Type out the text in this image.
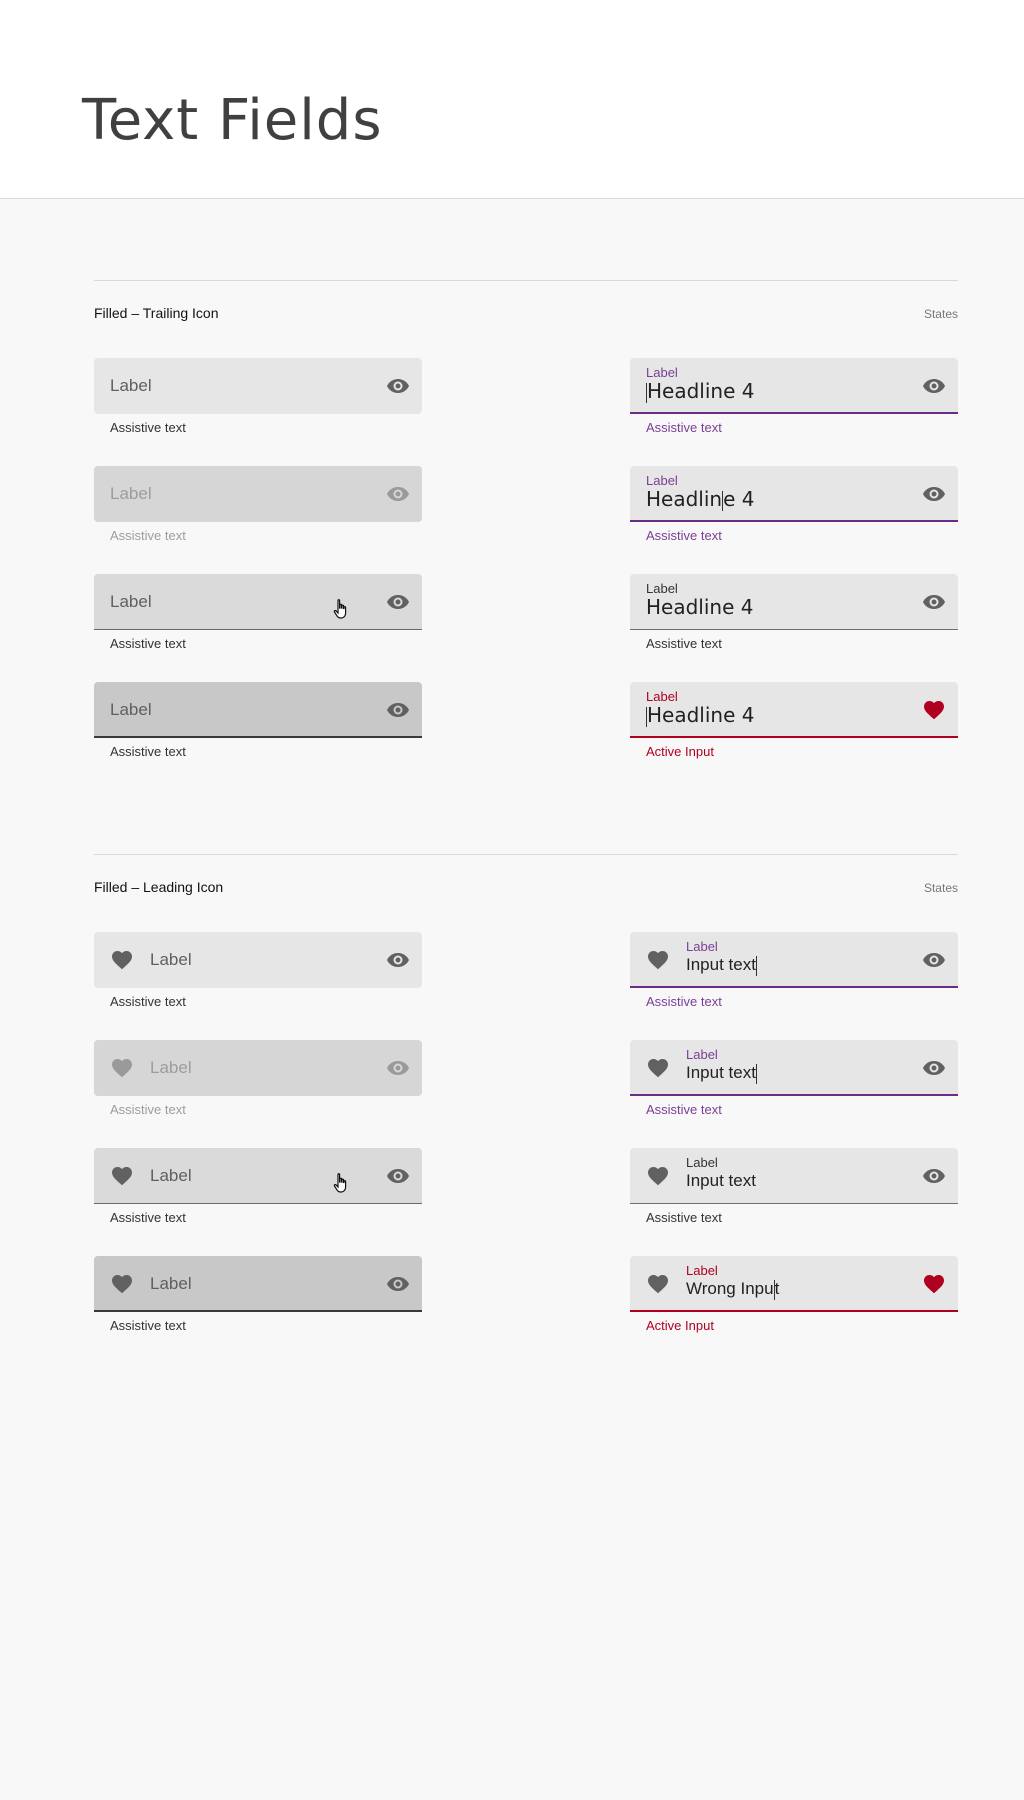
Text Fields
Filled – Trailing Icon	States
Label
Assistive text
Label
Assistive text
Label
Assistive text
Label
Assistive text
Label
Headline 4
Assistive text
Label
Headline 4
Assistive text
Label
Headline 4
Assistive text
Label
Headline 4
Active Input
Filled – Leading Icon	States
Label
Assistive text
Label
Assistive text
Label
Assistive text
Label
Assistive text
Label
Input text
Assistive text
Label
Input text
Assistive text
Label
Input text
Assistive text
Label
Wrong Input
Active Input
